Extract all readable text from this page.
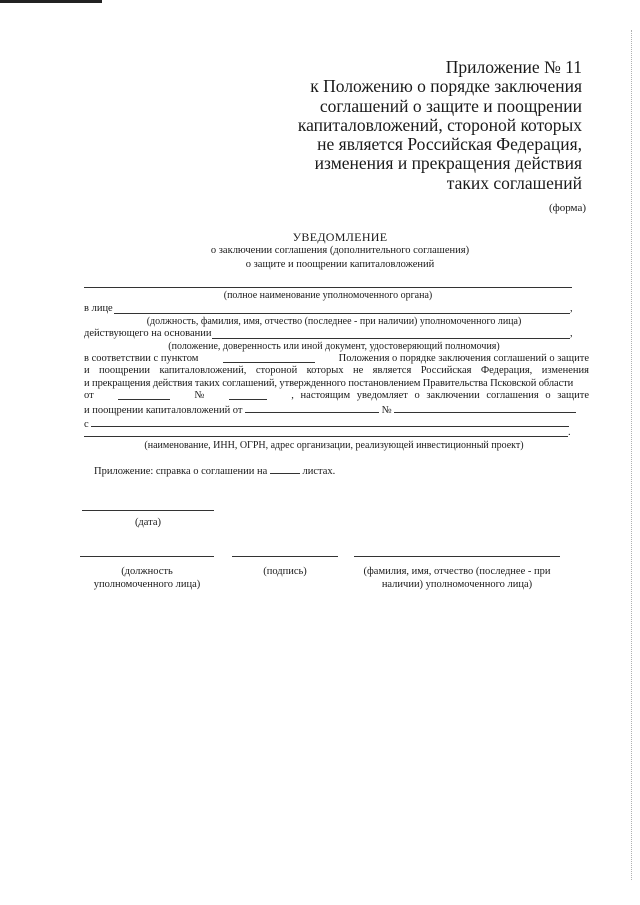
Приложение № 11
к Положению о порядке заключения
соглашений о защите и поощрении
капиталовложений, стороной которых
не является Российская Федерация,
изменения и прекращения действия
таких соглашений
(форма)
УВЕДОМЛЕНИЕ
о заключении соглашения (дополнительного соглашения)
о защите и поощрении капиталовложений
(полное наименование уполномоченного органа)
в лице	,
(должность, фамилия, имя, отчество (последнее - при наличии) уполномоченного лица)
действующего на основании	,
(положение, доверенность или иной документ, удостоверяющий полномочия)
в соответствии с пунктом	Положения о порядке заключения соглашений о защите
и поощрении капиталовложений, стороной которых не является Российская Федерация, изменения
и прекращения действия таких соглашений, утвержденного постановлением Правительства Псковской области
от	№	, настоящим уведомляет о заключении соглашения о защите
и поощрении капиталовложений от	№
с
.
(наименование, ИНН, ОГРН, адрес организации, реализующей инвестиционный проект)
Приложение: справка о соглашении на	листах.
(дата)
(должность
уполномоченного лица)
(подпись)	(фамилия, имя, отчество (последнее - при
наличии) уполномоченного лица)
